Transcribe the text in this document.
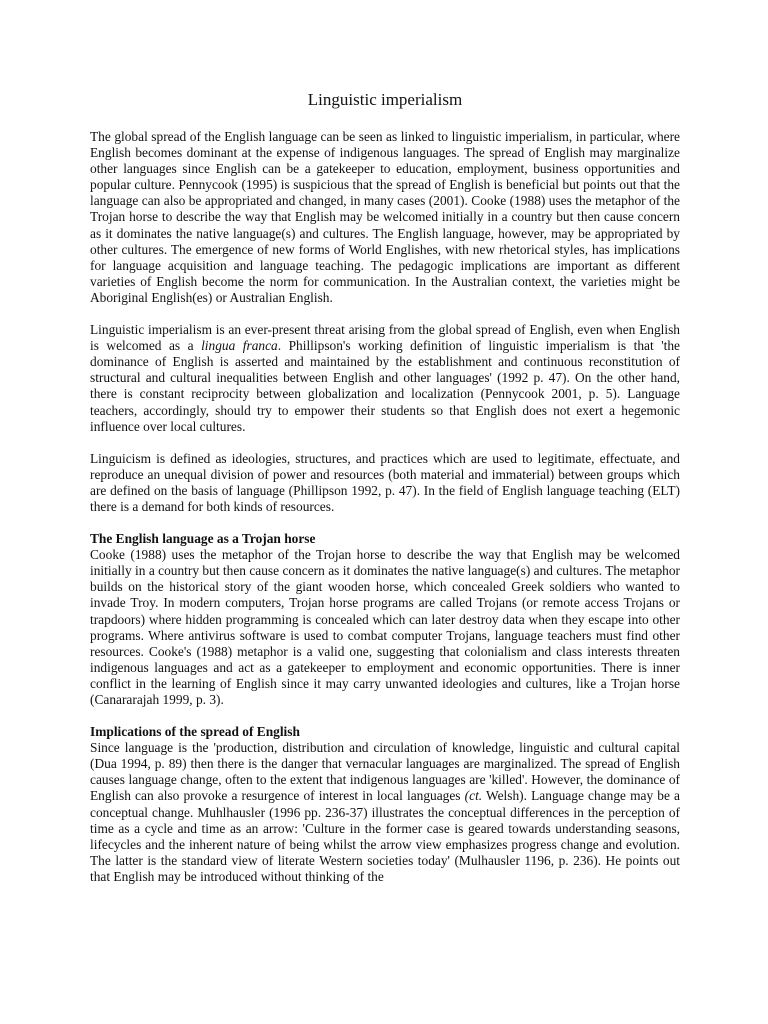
Linguistic imperialism

The global spread of the English language can be seen as linked to linguistic imperialism, in particular, where English becomes dominant at the expense of indigenous languages. The spread of English may marginalize other languages since English can be a gatekeeper to education, employment, business opportunities and popular culture. Pennycook (1995) is suspicious that the spread of English is beneficial but points out that the language can also be appropriated and changed, in many cases (2001). Cooke (1988) uses the metaphor of the Trojan horse to describe the way that English may be welcomed initially in a country but then cause concern as it dominates the native language(s) and cultures. The English language, however, may be appropriated by other cultures. The emergence of new forms of World Englishes, with new rhetorical styles, has implications for language acquisition and language teaching. The pedagogic implications are important as different varieties of English become the norm for communication. In the Australian context, the varieties might be Aboriginal English(es) or Australian English.

Linguistic imperialism is an ever-present threat arising from the global spread of English, even when English is welcomed as a lingua franca. Phillipson's working definition of linguistic imperialism is that 'the dominance of English is asserted and maintained by the establishment and continuous reconstitution of structural and cultural inequalities between English and other languages' (1992 p. 47). On the other hand, there is constant reciprocity between globalization and localization (Pennycook 2001, p. 5). Language teachers, accordingly, should try to empower their students so that English does not exert a hegemonic influence over local cultures.

Linguicism is defined as ideologies, structures, and practices which are used to legitimate, effectuate, and reproduce an unequal division of power and resources (both material and immaterial) between groups which are defined on the basis of language (Phillipson 1992, p. 47). In the field of English language teaching (ELT) there is a demand for both kinds of resources.

The English language as a Trojan horse

Cooke (1988) uses the metaphor of the Trojan horse to describe the way that English may be welcomed initially in a country but then cause concern as it dominates the native language(s) and cultures. The metaphor builds on the historical story of the giant wooden horse, which concealed Greek soldiers who wanted to invade Troy. In modern computers, Trojan horse programs are called Trojans (or remote access Trojans or trapdoors) where hidden programming is concealed which can later destroy data when they escape into other programs. Where antivirus software is used to combat computer Trojans, language teachers must find other resources. Cooke's (1988) metaphor is a valid one, suggesting that colonialism and class interests threaten indigenous languages and act as a gatekeeper to employment and economic opportunities. There is inner conflict in the learning of English since it may carry unwanted ideologies and cultures, like a Trojan horse (Canararajah 1999, p. 3).

Implications of the spread of English

Since language is the 'production, distribution and circulation of knowledge, linguistic and cultural capital (Dua 1994, p. 89) then there is the danger that vernacular languages are marginalized. The spread of English causes language change, often to the extent that indigenous languages are 'killed'. However, the dominance of English can also provoke a resurgence of interest in local languages (ct. Welsh). Language change may be a conceptual change. Muhlhausler (1996 pp. 236-37) illustrates the conceptual differences in the perception of time as a cycle and time as an arrow: 'Culture in the former case is geared towards understanding seasons, lifecycles and the inherent nature of being whilst the arrow view emphasizes progress change and evolution. The latter is the standard view of literate Western societies today' (Mulhausler 1196, p. 236). He points out that English may be introduced without thinking of the
